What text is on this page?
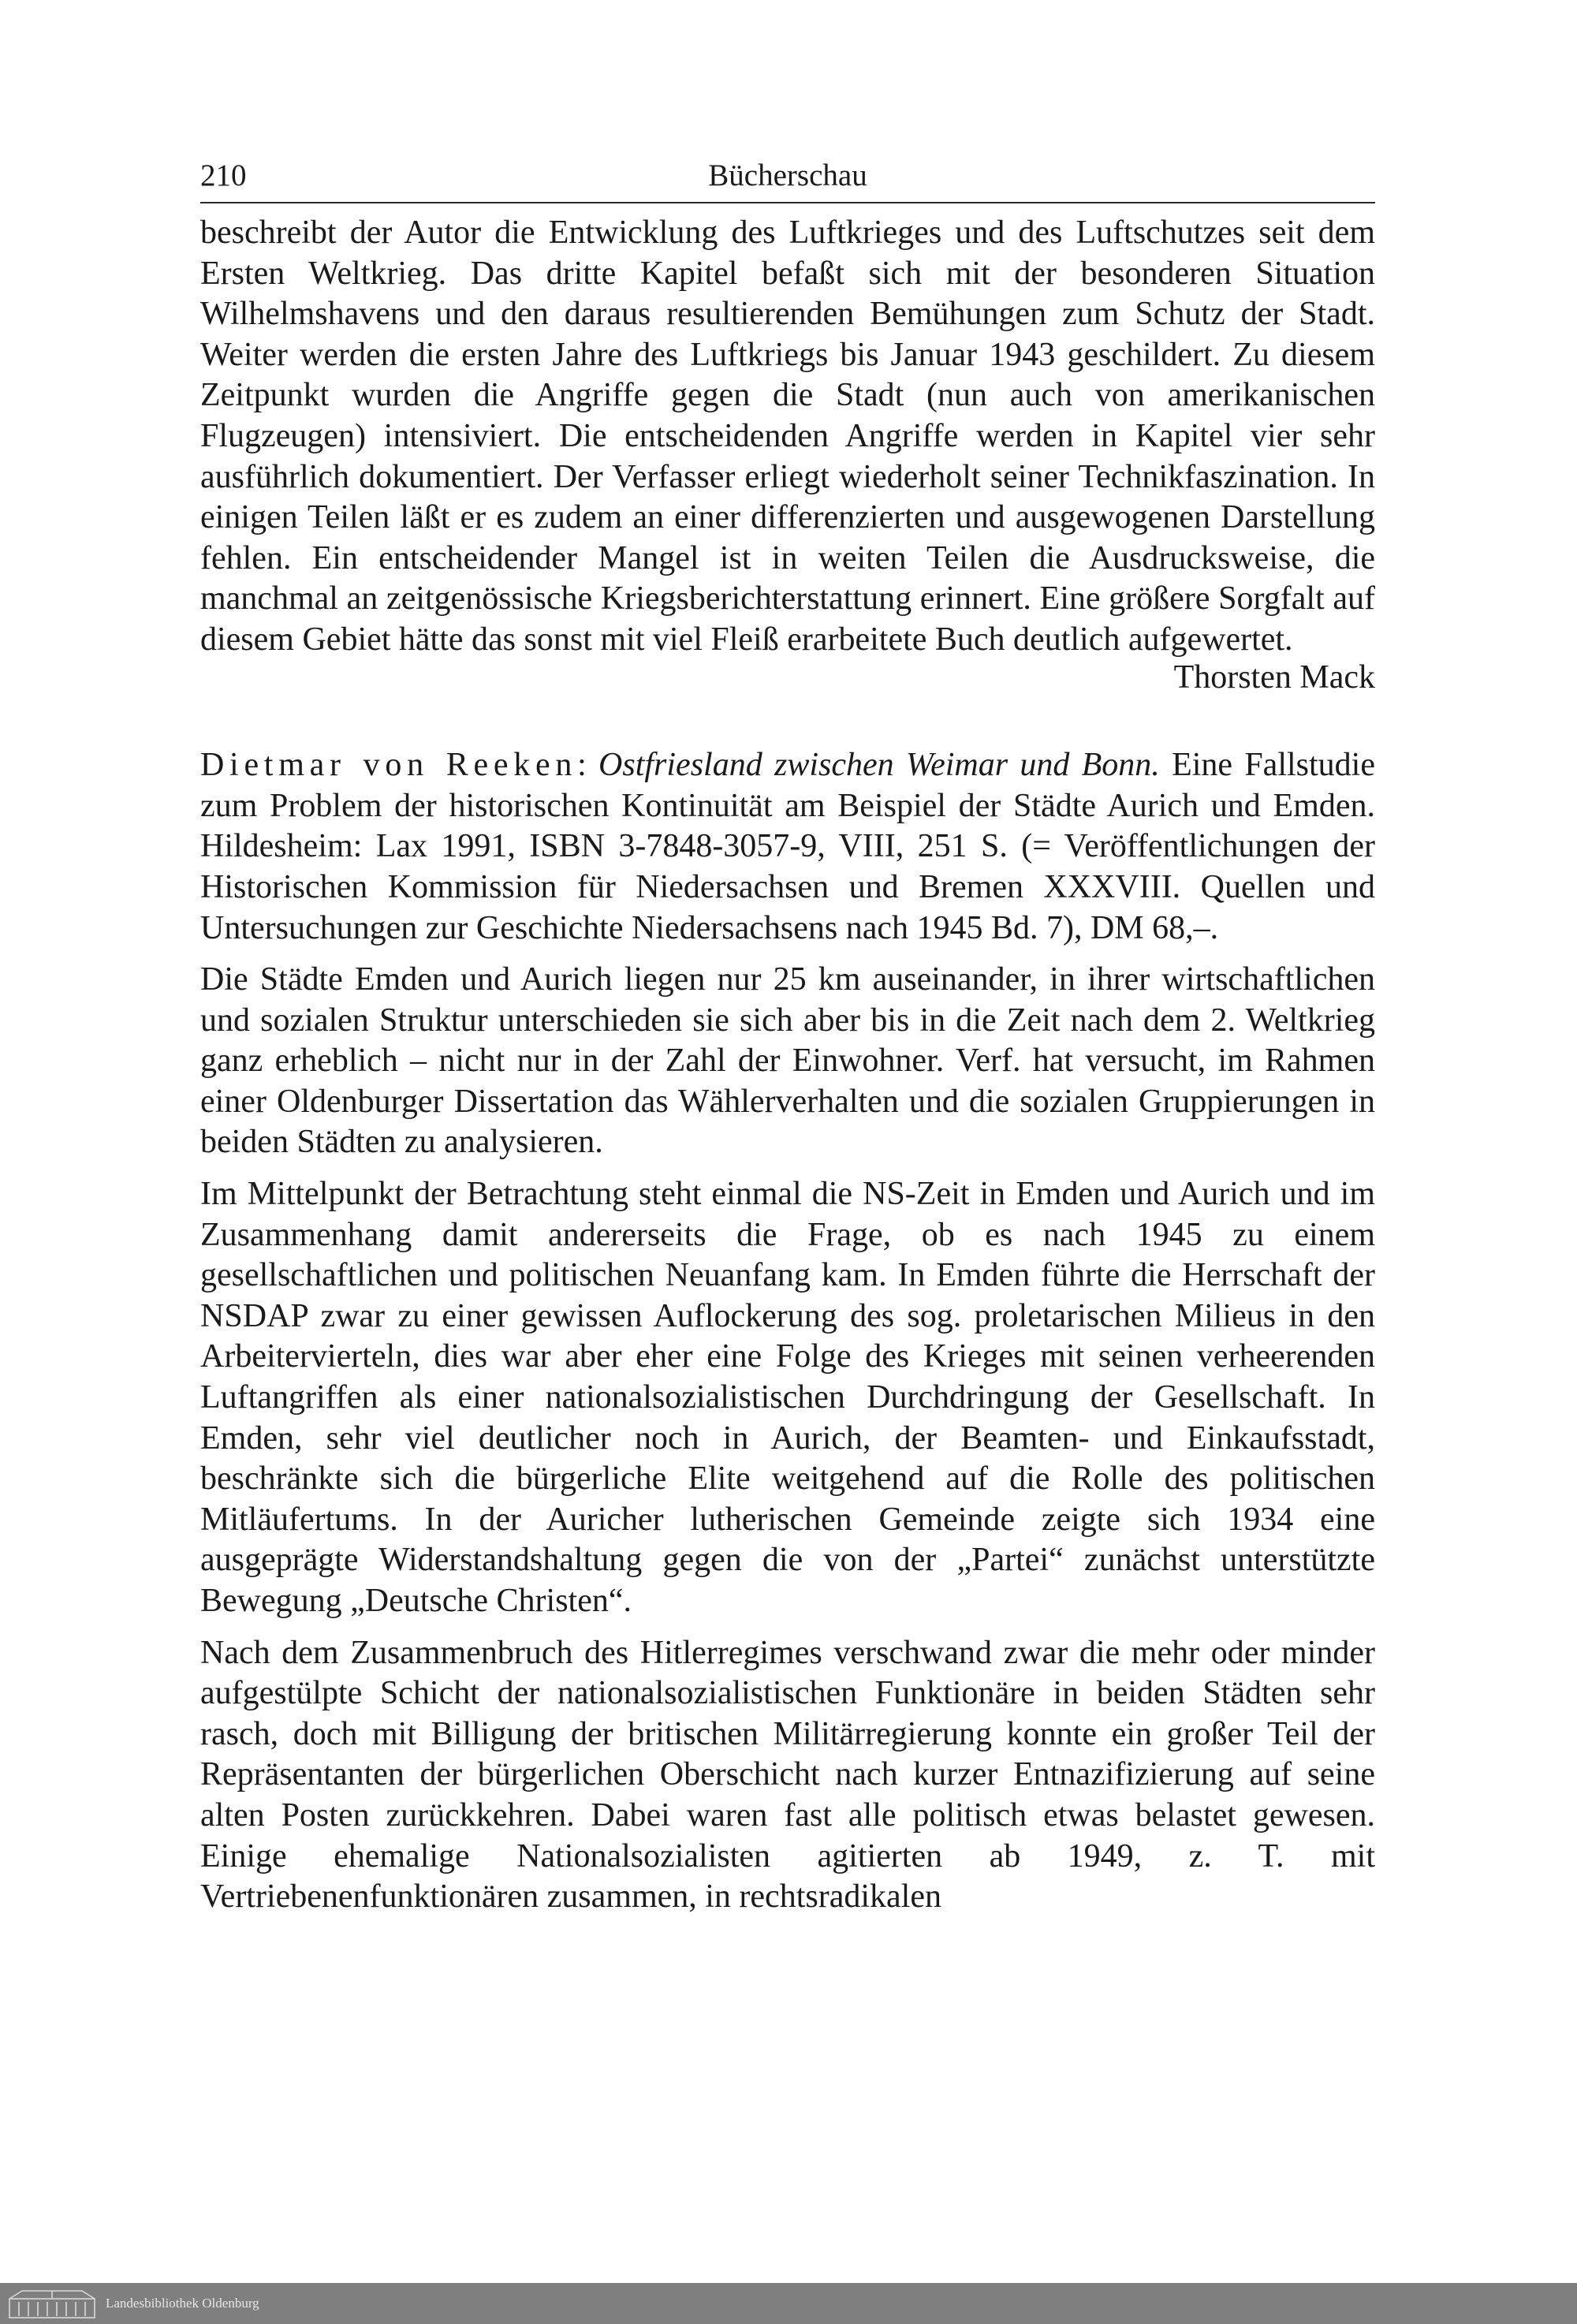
210	Bücherschau

beschreibt der Autor die Entwicklung des Luftkrieges und des Luftschutzes seit dem Ersten Weltkrieg. Das dritte Kapitel befaßt sich mit der besonderen Situation Wilhelmshavens und den daraus resultierenden Bemühungen zum Schutz der Stadt. Weiter werden die ersten Jahre des Luftkriegs bis Januar 1943 geschildert. Zu diesem Zeitpunkt wurden die Angriffe gegen die Stadt (nun auch von amerikanischen Flugzeugen) intensiviert. Die entscheidenden Angriffe werden in Kapitel vier sehr ausführlich dokumentiert. Der Verfasser erliegt wiederholt seiner Technikfaszination. In einigen Teilen läßt er es zudem an einer differenzierten und ausgewogenen Darstellung fehlen. Ein entscheidender Mangel ist in weiten Teilen die Ausdrucksweise, die manchmal an zeitgenössische Kriegsberichterstattung erinnert. Eine größere Sorgfalt auf diesem Gebiet hätte das sonst mit viel Fleiß erarbeitete Buch deutlich aufgewertet.

Thorsten Mack

Dietmar von Reeken: Ostfriesland zwischen Weimar und Bonn. Eine Fallstudie zum Problem der historischen Kontinuität am Beispiel der Städte Aurich und Emden. Hildesheim: Lax 1991, ISBN 3-7848-3057-9, VIII, 251 S. (= Veröffentlichungen der Historischen Kommission für Niedersachsen und Bremen XXXVIII. Quellen und Untersuchungen zur Geschichte Niedersachsens nach 1945 Bd. 7), DM 68,–.

Die Städte Emden und Aurich liegen nur 25 km auseinander, in ihrer wirtschaftlichen und sozialen Struktur unterschieden sie sich aber bis in die Zeit nach dem 2. Weltkrieg ganz erheblich – nicht nur in der Zahl der Einwohner. Verf. hat versucht, im Rahmen einer Oldenburger Dissertation das Wählerverhalten und die sozialen Gruppierungen in beiden Städten zu analysieren.

Im Mittelpunkt der Betrachtung steht einmal die NS-Zeit in Emden und Aurich und im Zusammenhang damit andererseits die Frage, ob es nach 1945 zu einem gesellschaftlichen und politischen Neuanfang kam. In Emden führte die Herrschaft der NSDAP zwar zu einer gewissen Auflockerung des sog. proletarischen Milieus in den Arbeitervierteln, dies war aber eher eine Folge des Krieges mit seinen verheerenden Luftangriffen als einer nationalsozialistischen Durchdringung der Gesellschaft. In Emden, sehr viel deutlicher noch in Aurich, der Beamten- und Einkaufsstadt, beschränkte sich die bürgerliche Elite weitgehend auf die Rolle des politischen Mitläufertums. In der Auricher lutherischen Gemeinde zeigte sich 1934 eine ausgeprägte Widerstandshaltung gegen die von der „Partei“ zunächst unterstützte Bewegung „Deutsche Christen“.

Nach dem Zusammenbruch des Hitlerregimes verschwand zwar die mehr oder minder aufgestülpte Schicht der nationalsozialistischen Funktionäre in beiden Städten sehr rasch, doch mit Billigung der britischen Militärregierung konnte ein großer Teil der Repräsentanten der bürgerlichen Oberschicht nach kurzer Entnazifizierung auf seine alten Posten zurückkehren. Dabei waren fast alle politisch etwas belastet gewesen. Einige ehemalige Nationalsozialisten agitierten ab 1949, z. T. mit Vertriebenenfunktionären zusammen, in rechtsradikalen

Landesbibliothek Oldenburg
